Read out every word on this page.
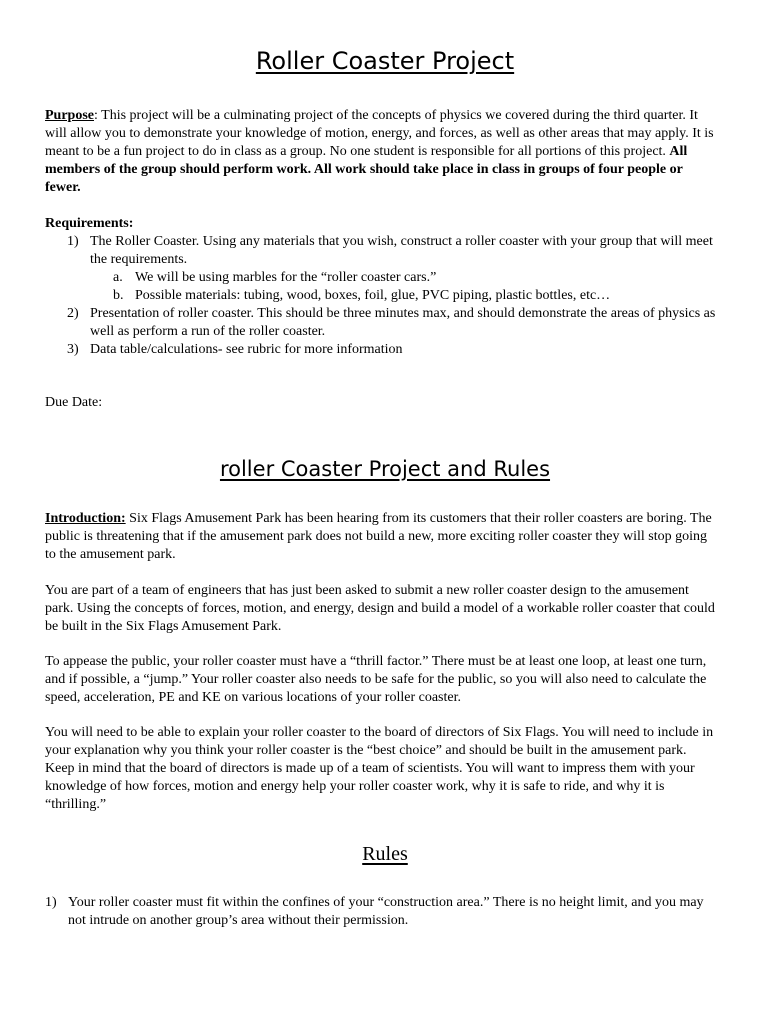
Roller Coaster Project

Purpose: This project will be a culminating project of the concepts of physics we covered during the third quarter. It will allow you to demonstrate your knowledge of motion, energy, and forces, as well as other areas that may apply. It is meant to be a fun project to do in class as a group. No one student is responsible for all portions of this project. All members of the group should perform work. All work should take place in class in groups of four people or fewer.

Requirements:
1) The Roller Coaster. Using any materials that you wish, construct a roller coaster with your group that will meet the requirements.
a. We will be using marbles for the “roller coaster cars.”
b. Possible materials: tubing, wood, boxes, foil, glue, PVC piping, plastic bottles, etc…
2) Presentation of roller coaster. This should be three minutes max, and should demonstrate the areas of physics as well as perform a run of the roller coaster.
3) Data table/calculations- see rubric for more information

Due Date:

roller Coaster Project and Rules

Introduction: Six Flags Amusement Park has been hearing from its customers that their roller coasters are boring. The public is threatening that if the amusement park does not build a new, more exciting roller coaster they will stop going to the amusement park.

You are part of a team of engineers that has just been asked to submit a new roller coaster design to the amusement park. Using the concepts of forces, motion, and energy, design and build a model of a workable roller coaster that could be built in the Six Flags Amusement Park.

To appease the public, your roller coaster must have a “thrill factor.” There must be at least one loop, at least one turn, and if possible, a “jump.” Your roller coaster also needs to be safe for the public, so you will also need to calculate the speed, acceleration, PE and KE on various locations of your roller coaster.

You will need to be able to explain your roller coaster to the board of directors of Six Flags. You will need to include in your explanation why you think your roller coaster is the “best choice” and should be built in the amusement park. Keep in mind that the board of directors is made up of a team of scientists. You will want to impress them with your knowledge of how forces, motion and energy help your roller coaster work, why it is safe to ride, and why it is “thrilling.”

Rules
1) Your roller coaster must fit within the confines of your “construction area.” There is no height limit, and you may not intrude on another group’s area without their permission.
